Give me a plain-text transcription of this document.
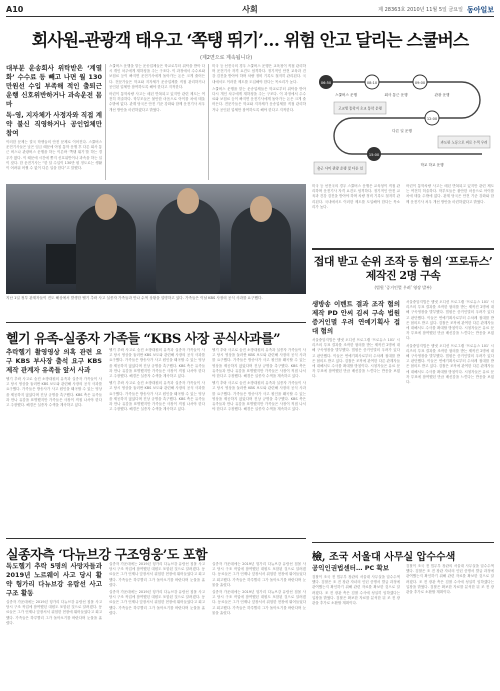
A10	사회	제 28363호 2010년 11월 5일 금요일 동아일보
회사원-관광객 태우고 ‘쪽탱 뛰기’… 위험 안고 달리는 스쿨버스
(제2면으로 계속됩니다)

대부분 운송회사 위탁받은 ‘계열화’ 수수료 등 빼고 나면 월 130만원선 수입 부족해 적인 출퇴근 운행 신호위반하거나 과속운전 몸마

독-영, 지자체가 사정자와 직접 계약 불신 직영하거나 공인업체만 참여

이러한 문제는 결국 학생들의 안전 문제로 이어진다. 스쿨버스 운전기사들은 낮은 임금 때문에 아침 통학 운행 후 다른 회사 통근 버스나 관광버스 운행을 하는 이른바 ‘쪽탱 뛰기’를 하는 경우가 많다. 이 때문에 시간에 쫓겨 신호위반이나 과속을 하는 일이 잦다. 한 운전기사는 “한 달 수입이 130만 원 정도로는 생활이 어려워 어쩔 수 없이 다른 일을 한다”고 말했다.

스쿨버스 운행을 맡는 운송업체들은 학교로부터 위탁을 받아 다시 개인 차주에게 재하청을 주는 구조다. 이 과정에서 수수료와 보험료 등이 빠지면 운전기사에게 돌아가는 돈은 크게 줄어든다. 전문가들은 학교와 지자체가 운송업체를 직접 관리하거나 공인된 업체만 참여하도록 해야 한다고 지적한다.

어린이 통학차량 사고는 매년 반복되고 있지만 관련 제도는 여전히 허술하다. 학부모들은 불안한 마음으로 아이를 차에 태울 수밖에 없다. 관계 당국은 안전 기준 강화와 함께 운전기사 처우 개선 방안을 마련하겠다고 밝혔다.

미국 등 선진국의 경우 스쿨버스 운행은 교육청이 직접 관리하며 운전기사 자격 요건도 엄격하다. 정기적인 안전 교육과 건강 검진을 받아야 하며 차량 정비 기록도 철저히 관리된다. 국내에서도 이러한 제도를 도입해야 한다는 목소리가 높다.

스쿨버스 운행을 맡는 운송업체들은 학교로부터 위탁을 받아 다시 개인 차주에게 재하청을 주는 구조다. 이 과정에서 수수료와 보험료 등이 빠지면 운전기사에게 돌아가는 돈은 크게 줄어든다. 전문가들은 학교와 지자체가 운송업체를 직접 관리하거나 공인된 업체만 참여하도록 해야 한다고 지적한다.

06:50	08:10	09:00
12:00
15:00
스쿨버스 운행	회사 통근 운행	관광 운행
다른 일 운행
학교 하교 운행
고교생 통학지 초교 통학 운행
출근 사이 관광 운행 및 다른 일
과도한 노동으로 피로 누적 우려

미국 등 선진국의 경우 스쿨버스 운행은 교육청이 직접 관리하며 운전기사 자격 요건도 엄격하다. 정기적인 안전 교육과 건강 검진을 받아야 하며 차량 정비 기록도 철저히 관리된다. 국내에서도 이러한 제도를 도입해야 한다는 목소리가 높다.

어린이 통학차량 사고는 매년 반복되고 있지만 관련 제도는 여전히 허술하다. 학부모들은 불안한 마음으로 아이를 차에 태울 수밖에 없다. 관계 당국은 안전 기준 강화와 함께 운전기사 처우 개선 방안을 마련하겠다고 밝혔다.

지난 1일 정부 관계자들이 진도 해상에서 발생한 헬기 추락 사고 실종자 가족들과 만나 수색 상황을 설명하고 있다. 가족들은 이날 KBS 사장의 공식 사과를 요구했다.
헬기 유족-실종자 가족들 “KBS 사장 공식사과를”

추락헬기 촬영영상 의혹 관련 요구 KBS 부사장 출석 요구 KBS 제작 관계자 유족들 앞서 사과

헬기 추락 사고로 숨진 소방대원의 유족과 실종자 가족들이 사고 당시 영상을 둘러싼 KBS 보도와 관련해 사장의 공식 사과를 요구했다. 가족들은 방송사가 사고 원인을 왜곡할 수 있는 영상을 제공하지 않았다며 진상 규명을 촉구했다. KBS 측은 유족들과 만나 유감을 표명했지만 가족들은 사장이 직접 나서야 한다고 주장했다. 해경은 실종자 수색을 계속하고 있다.

헬기 추락 사고로 숨진 소방대원의 유족과 실종자 가족들이 사고 당시 영상을 둘러싼 KBS 보도와 관련해 사장의 공식 사과를 요구했다. 가족들은 방송사가 사고 원인을 왜곡할 수 있는 영상을 제공하지 않았다며 진상 규명을 촉구했다. KBS 측은 유족들과 만나 유감을 표명했지만 가족들은 사장이 직접 나서야 한다고 주장했다. 해경은 실종자 수색을 계속하고 있다.

헬기 추락 사고로 숨진 소방대원의 유족과 실종자 가족들이 사고 당시 영상을 둘러싼 KBS 보도와 관련해 사장의 공식 사과를 요구했다. 가족들은 방송사가 사고 원인을 왜곡할 수 있는 영상을 제공하지 않았다며 진상 규명을 촉구했다. KBS 측은 유족들과 만나 유감을 표명했지만 가족들은 사장이 직접 나서야 한다고 주장했다. 해경은 실종자 수색을 계속하고 있다.

헬기 추락 사고로 숨진 소방대원의 유족과 실종자 가족들이 사고 당시 영상을 둘러싼 KBS 보도와 관련해 사장의 공식 사과를 요구했다. 가족들은 방송사가 사고 원인을 왜곡할 수 있는 영상을 제공하지 않았다며 진상 규명을 촉구했다. KBS 측은 유족들과 만나 유감을 표명했지만 가족들은 사장이 직접 나서야 한다고 주장했다. 해경은 실종자 수색을 계속하고 있다.

헬기 추락 사고로 숨진 소방대원의 유족과 실종자 가족들이 사고 당시 영상을 둘러싼 KBS 보도와 관련해 사장의 공식 사과를 요구했다. 가족들은 방송사가 사고 원인을 왜곡할 수 있는 영상을 제공하지 않았다며 진상 규명을 촉구했다. KBS 측은 유족들과 만나 유감을 표명했지만 가족들은 사장이 직접 나서야 한다고 주장했다. 해경은 실종자 수색을 계속하고 있다.

실종자측 ‘다뉴브강 구조영웅’도 포함

독도헬기 추락 5명의 사망자들과 2019년 노르웨이 사고 당시 활약 헝가리 다뉴브강 유람선 사고 구조 활동

실종자 가운데에는 2019년 헝가리 다뉴브강 유람선 침몰 사고 당시 구조 작업에 참여했던 대원도 포함된 것으로 알려졌다. 동료들은 그가 언제나 앞장서서 위험한 현장에 뛰어들었다고 회고했다. 가족들은 하루빨리 그가 돌아오기를 바란다며 눈물을 흘렸다.

실종자 가운데에는 2019년 헝가리 다뉴브강 유람선 침몰 사고 당시 구조 작업에 참여했던 대원도 포함된 것으로 알려졌다. 동료들은 그가 언제나 앞장서서 위험한 현장에 뛰어들었다고 회고했다. 가족들은 하루빨리 그가 돌아오기를 바란다며 눈물을 흘렸다.

실종자 가운데에는 2019년 헝가리 다뉴브강 유람선 침몰 사고 당시 구조 작업에 참여했던 대원도 포함된 것으로 알려졌다. 동료들은 그가 언제나 앞장서서 위험한 현장에 뛰어들었다고 회고했다. 가족들은 하루빨리 그가 돌아오기를 바란다며 눈물을 흘렸다.

실종자 가운데에는 2019년 헝가리 다뉴브강 유람선 침몰 사고 당시 구조 작업에 참여했던 대원도 포함된 것으로 알려졌다. 동료들은 그가 언제나 앞장서서 위험한 현장에 뛰어들었다고 회고했다. 가족들은 하루빨리 그가 돌아오기를 바란다며 눈물을 흘렸다.

실종자 가운데에는 2019년 헝가리 다뉴브강 유람선 침몰 사고 당시 구조 작업에 참여했던 대원도 포함된 것으로 알려졌다. 동료들은 그가 언제나 앞장서서 위험한 현장에 뛰어들었다고 회고했다. 가족들은 하루빨리 그가 돌아오기를 바란다며 눈물을 흘렸다.

접대 받고 순위 조작 등 혐의 ‘프로듀스’ 제작진 2명 구속
(법원 ‘증거인멸 우려’ 영장 발부)

생방송 이벤트 결과 조작 혐의 제작 PD 안씨 김씨 구속 법원 증거인멸 우려 연예기획사 접대 혐의

서울중앙지법은 엠넷 오디션 프로그램 ‘프로듀스 101’ 시리즈의 투표 결과를 조작한 혐의를 받는 제작진 2명에 대해 구속영장을 발부했다. 법원은 증거인멸의 우려가 있다고 판단했다. 이들은 연예기획사로부터 수차례 접대를 받은 혐의도 받고 있다. 검찰은 조작에 관여한 다른 관계자들에 대해서도 수사를 확대할 방침이다. 시청자들은 유료 문자 투표에 참여했던 만큼 배신감을 느낀다는 반응을 보였다.

서울중앙지법은 엠넷 오디션 프로그램 ‘프로듀스 101’ 시리즈의 투표 결과를 조작한 혐의를 받는 제작진 2명에 대해 구속영장을 발부했다. 법원은 증거인멸의 우려가 있다고 판단했다. 이들은 연예기획사로부터 수차례 접대를 받은 혐의도 받고 있다. 검찰은 조작에 관여한 다른 관계자들에 대해서도 수사를 확대할 방침이다. 시청자들은 유료 문자 투표에 참여했던 만큼 배신감을 느낀다는 반응을 보였다.

서울중앙지법은 엠넷 오디션 프로그램 ‘프로듀스 101’ 시리즈의 투표 결과를 조작한 혐의를 받는 제작진 2명에 대해 구속영장을 발부했다. 법원은 증거인멸의 우려가 있다고 판단했다. 이들은 연예기획사로부터 수차례 접대를 받은 혐의도 받고 있다. 검찰은 조작에 관여한 다른 관계자들에 대해서도 수사를 확대할 방침이다. 시청자들은 유료 문자 투표에 참여했던 만큼 배신감을 느낀다는 반응을 보였다.

檢, 조국 서울대 사무실 압수수색

공익인권법센터… PC 확보

검찰이 조국 전 법무부 장관의 서울대 사무실을 압수수색했다. 검찰은 조 전 장관 자녀의 인턴 증명서 발급 과정에 관여했는지 확인하기 위해 관련 자료를 확보한 것으로 알려졌다. 조 전 장관 측은 검찰 수사에 성실히 임하겠다는 입장을 밝혔다. 검찰은 확보한 자료를 분석한 뒤 조 전 장관을 추가로 소환할 계획이다.

검찰이 조국 전 법무부 장관의 서울대 사무실을 압수수색했다. 검찰은 조 전 장관 자녀의 인턴 증명서 발급 과정에 관여했는지 확인하기 위해 관련 자료를 확보한 것으로 알려졌다. 조 전 장관 측은 검찰 수사에 성실히 임하겠다는 입장을 밝혔다. 검찰은 확보한 자료를 분석한 뒤 조 전 장관을 추가로 소환할 계획이다.
